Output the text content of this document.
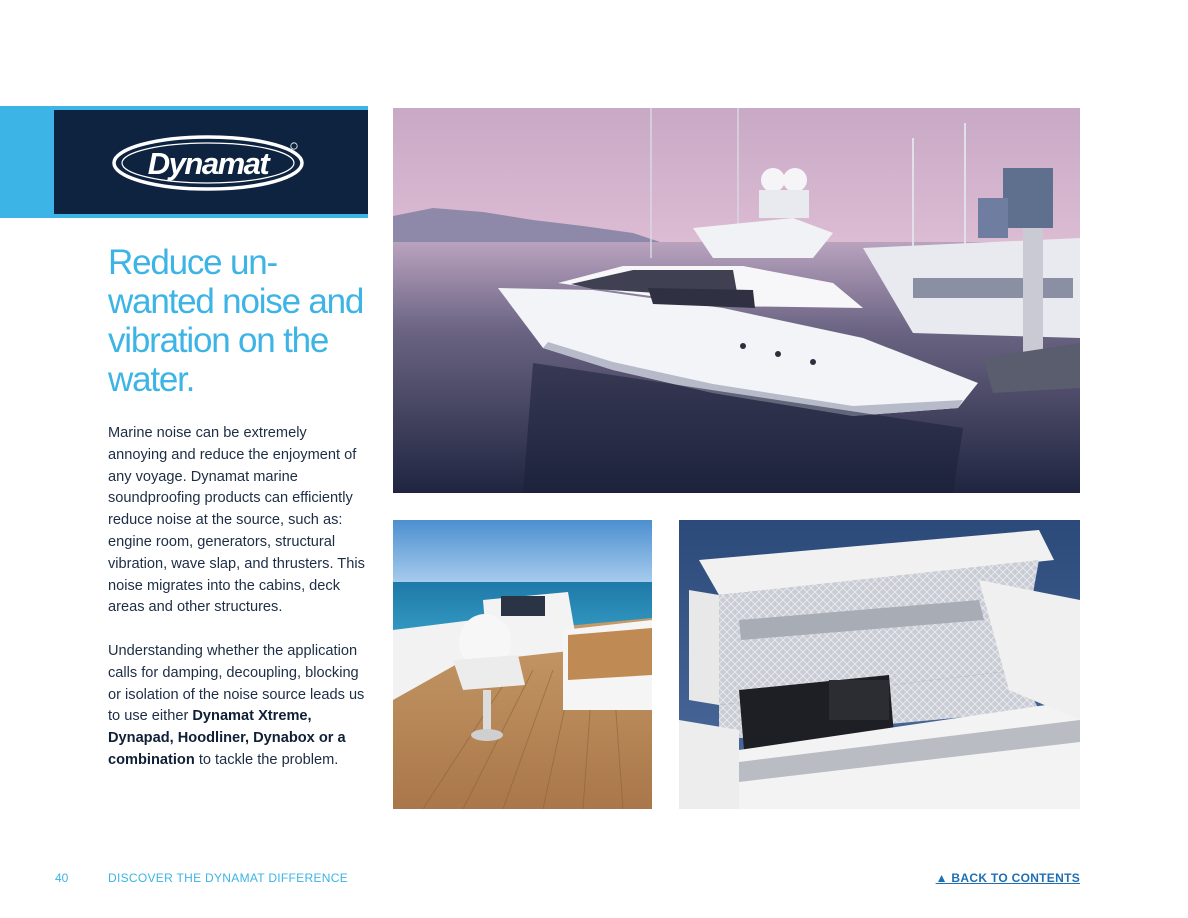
Dynamat
Reduce un-wanted noise and vibration on the water.

Marine noise can be extremely annoying and reduce the enjoyment of any voyage. Dynamat marine soundproofing products can efficiently reduce noise at the source, such as: engine room, generators, structural vibration, wave slap, and thrusters. This noise migrates into the cabins, deck areas and other structures.

Understanding whether the application calls for damping, decoupling, blocking or isolation of the noise source leads us to use either Dynamat Xtreme, Dynapad, Hoodliner, Dynabox or a combination to tackle the problem.

40	DISCOVER THE DYNAMAT DIFFERENCE	▲ BACK TO CONTENTS
